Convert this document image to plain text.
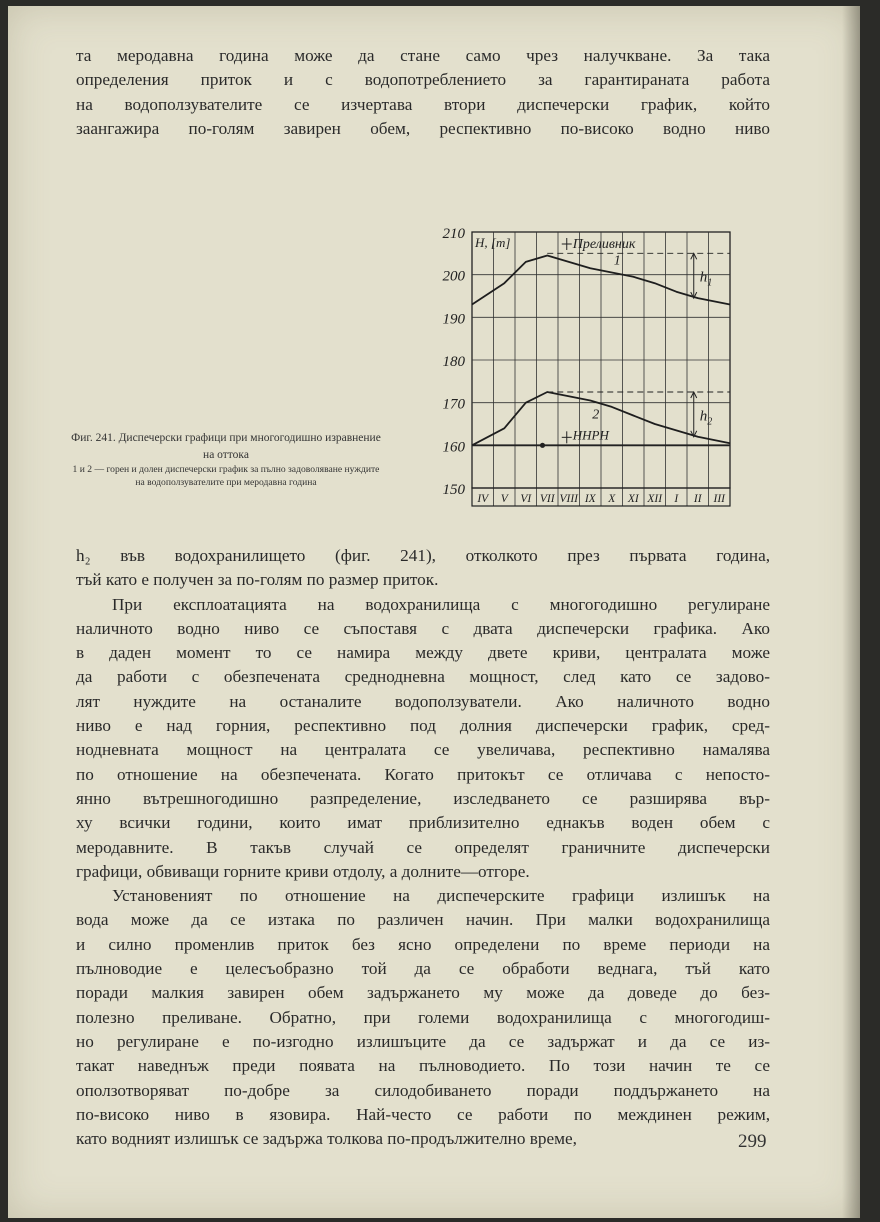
та меродавна година може да стане само чрез налучкване. За така

определения приток и с водопотреблението за гарантираната работа

на водоползувателите се изчертава втори диспечерски график, който

заангажира по-голям завирен обем, респективно по-високо водно ниво

Преливник
ННРН
$h_1$
$h_2$
150
160
170
180
190
200
210
IV V VI VII VIII IX X XI XII I II III
H, [m]
1
2
Фиг. 241. Диспечерски графици при многогодишно изравнение на оттока
1 и 2 — горен и долен диспечерски график за пълно задоволяване нуждите на водоползувателите при меродавна година

h₂ във водохранилището (фиг. 241), отколкото през първата година,

тъй като е получен за по-голям по размер приток.

При експлоатацията на водохранилища с многогодишно регулиране

наличното водно ниво се съпоставя с двата диспечерски графика. Ако

в даден момент то се намира между двете криви, централата може

да работи с обезпечената средноднeвна мощност, след като се задово-

лят нуждите на останалите водоползуватели. Ако наличното водно

ниво е над горния, респективно под долния диспечерски график, сред-

ноднeвната мощност на централата се увеличава, респективно намалява

по отношение на обезпечената. Когато притокът се отличава с непосто-

янно вътрешногодишно разпределение, изследването се разширява вър-

ху всички години, които имат приблизително еднакъв воден обем с

меродавните. В такъв случай се определят граничните диспечерски

графици, обвиващи горните криви отдолу, а долните—отгоре.

Установеният по отношение на диспечерските графици излишък на

вода може да се изтака по различен начин. При малки водохранилища

и силно променлив приток без ясно определени по време периоди на

пълноводие е целесъобразно той да се обработи веднага, тъй като

поради малкия завирен обем задържането му може да доведе до без-

полезно преливане. Обратно, при големи водохранилища с многогодиш-

но регулиране е по-изгодно излишъците да се задържат и да се из-

такат наведнъж преди появата на пълноводието. По този начин те се

оползотворяват по-добре за силодобиването поради поддържането на

по-високо ниво в язовира. Най-често се работи по междинен режим,

като водният излишък се задържа толкова по-продължително време,	299
